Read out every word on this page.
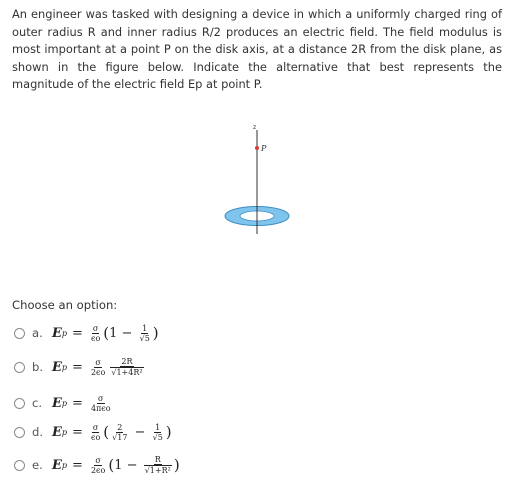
An engineer was tasked with designing a device in which a uniformly charged ring of outer radius R and inner radius R/2 produces an electric field. The field modulus is most important at a point P on the disk axis, at a distance 2R from the disk plane, as shown in the figure below. Indicate the alternative that best represents the magnitude of the electric field Ep at point P.
z
P
Choose an option:
a. E $p = \frac{\sigma}{\epsilon o}$ ( 1
−
$\frac{1}{√5}$ )
b. E $p = \frac{\sigma}{2\epsilon o} \frac{2R}{\text{√1+4R²}}$
c. E $p = \frac{\sigma}{\text{4πϵo}}$
d. E $p = \frac{\sigma}{\epsilon o}$ ( $\frac{2}{√17}$
−
$\frac{1}{√5}$ )
e. E $p = \frac{\sigma}{2\epsilon o}$ ( 1
−
$\frac{R}{\text{√1+R²}}$ )
